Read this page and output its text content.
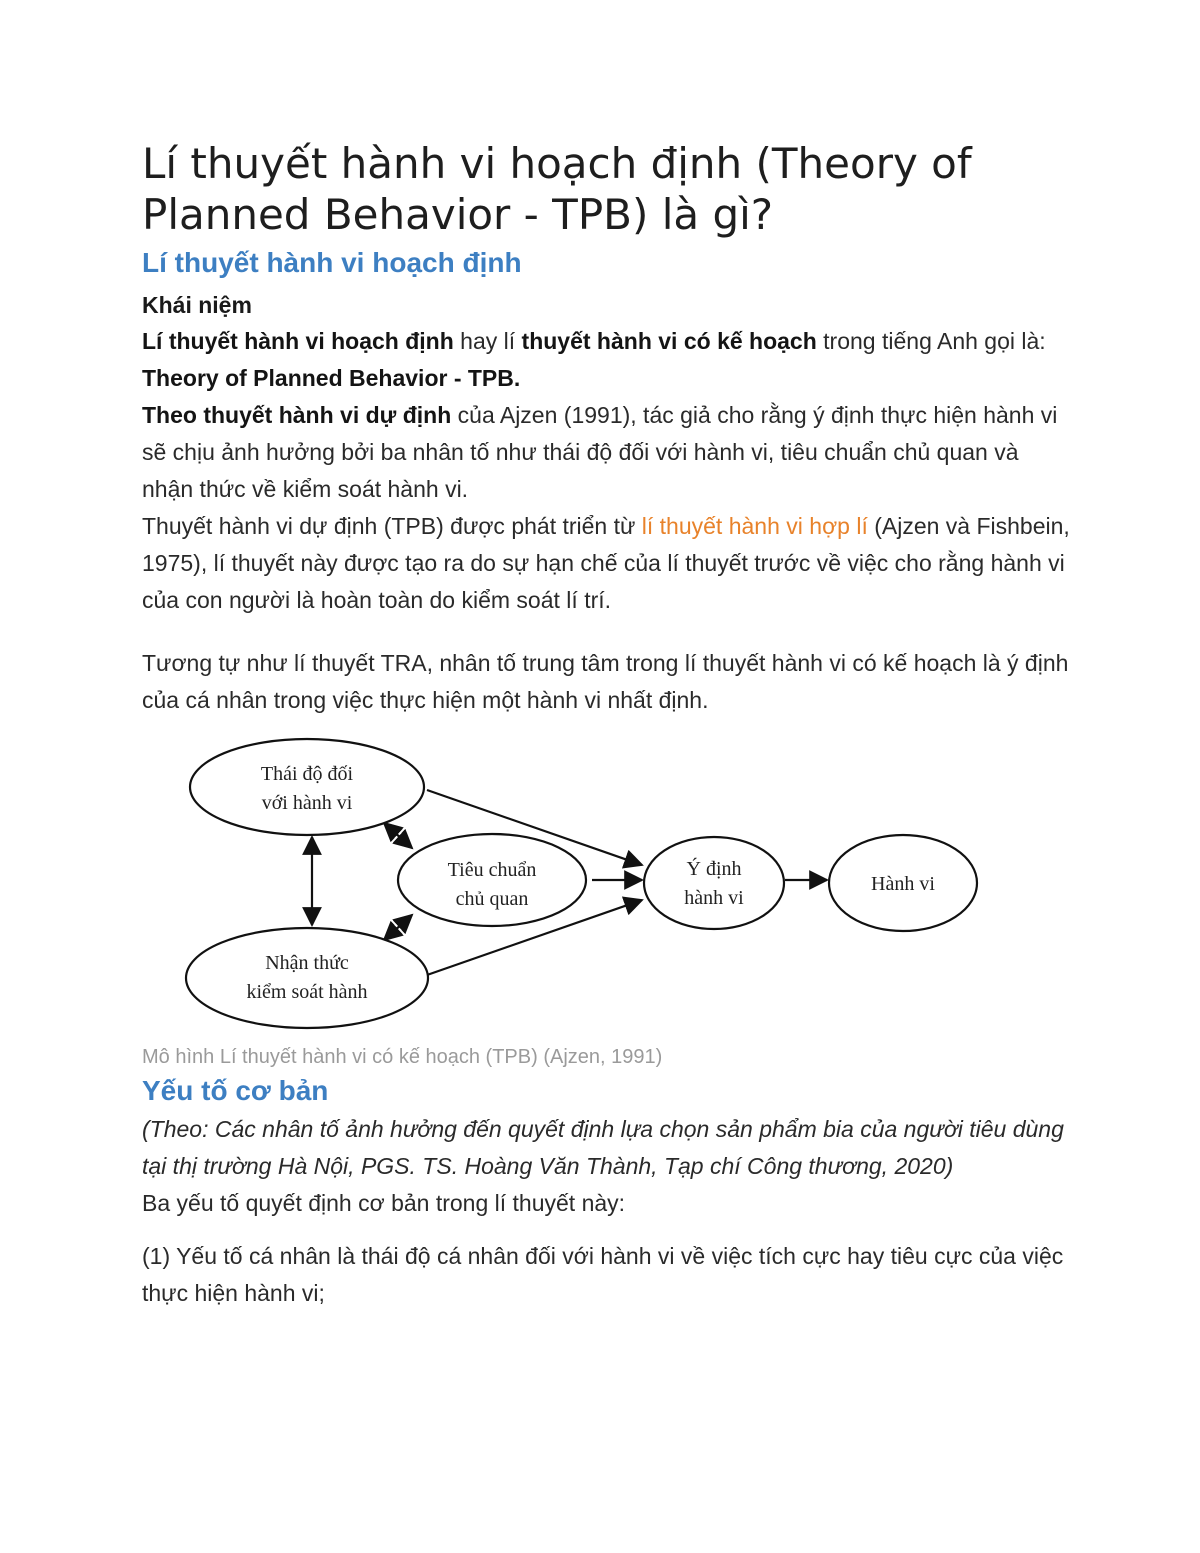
Lí thuyết hành vi hoạch định (Theory of Planned Behavior - TPB) là gì?
Lí thuyết hành vi hoạch định
Khái niệm

Lí thuyết hành vi hoạch định hay lí thuyết hành vi có kế hoạch trong tiếng Anh gọi là: Theory of Planned Behavior - TPB.

Theo thuyết hành vi dự định của Ajzen (1991), tác giả cho rằng ý định thực hiện hành vi sẽ chịu ảnh hưởng bởi ba nhân tố như thái độ đối với hành vi, tiêu chuẩn chủ quan và nhận thức về kiểm soát hành vi.

Thuyết hành vi dự định (TPB) được phát triển từ lí thuyết hành vi hợp lí (Ajzen và Fishbein, 1975), lí thuyết này được tạo ra do sự hạn chế của lí thuyết trước về việc cho rằng hành vi của con người là hoàn toàn do kiểm soát lí trí.

Tương tự như lí thuyết TRA, nhân tố trung tâm trong lí thuyết hành vi có kế hoạch là ý định của cá nhân trong việc thực hiện một hành vi nhất định.

Thái độ đối
với hành vi
Tiêu chuẩn
chủ quan
Nhận thức
kiểm soát hành
Ý định
hành vi
Hành vi
Mô hình Lí thuyết hành vi có kế hoạch (TPB) (Ajzen, 1991)
Yếu tố cơ bản

(Theo: Các nhân tố ảnh hưởng đến quyết định lựa chọn sản phẩm bia của người tiêu dùng tại thị trường Hà Nội, PGS. TS. Hoàng Văn Thành, Tạp chí Công thương, 2020)

Ba yếu tố quyết định cơ bản trong lí thuyết này:

(1) Yếu tố cá nhân là thái độ cá nhân đối với hành vi về việc tích cực hay tiêu cực của việc thực hiện hành vi;
